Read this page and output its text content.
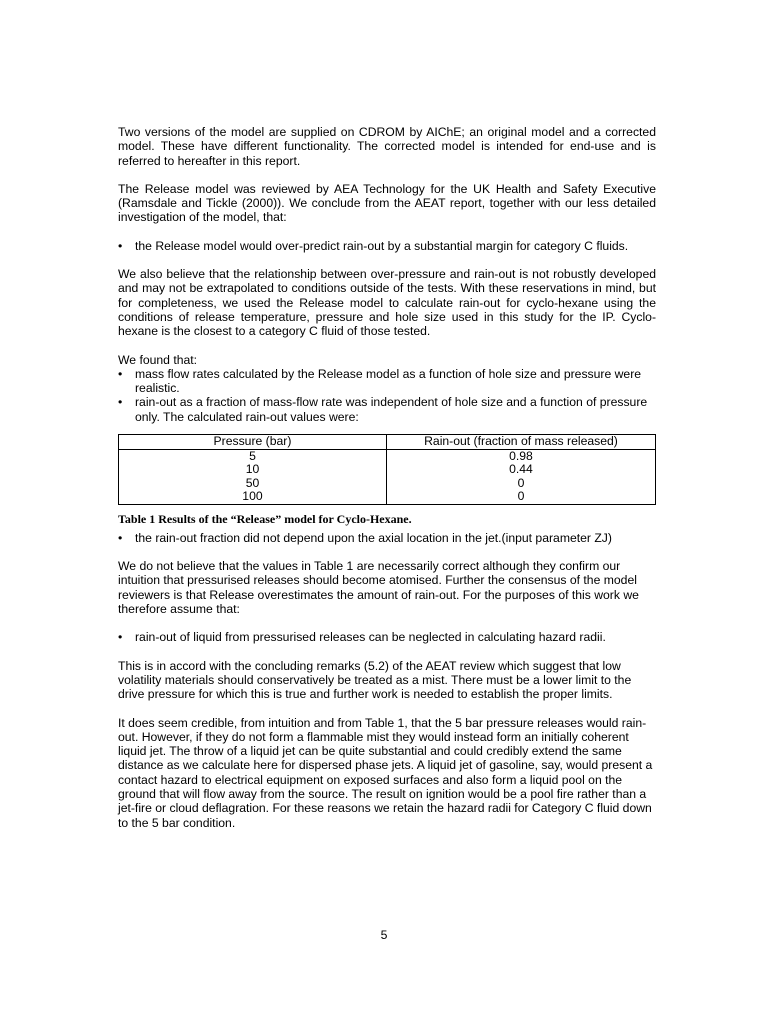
Two versions of the model are supplied on CDROM by AIChE; an original model and a corrected model. These have different functionality. The corrected model is intended for end-use and is referred to hereafter in this report.

The Release model was reviewed by AEA Technology for the UK Health and Safety Executive (Ramsdale and Tickle (2000)). We conclude from the AEAT report, together with our less detailed investigation of the model, that:

• the Release model would over-predict rain-out by a substantial margin for category C fluids.

We also believe that the relationship between over-pressure and rain-out is not robustly developed and may not be extrapolated to conditions outside of the tests. With these reservations in mind, but for completeness, we used the Release model to calculate rain-out for cyclo-hexane using the conditions of release temperature, pressure and hole size used in this study for the IP. Cyclo-hexane is the closest to a category C fluid of those tested.

We found that:

• mass flow rates calculated by the Release model as a function of hole size and pressure were realistic.
• rain-out as a fraction of mass-flow rate was independent of hole size and a function of pressure only. The calculated rain-out values were:
Pressure (bar)	Rain-out (fraction of mass released)
5	0.98
10	0.44
50	0
100	0
Table 1 Results of the “Release” model for Cyclo-Hexane.
• the rain-out fraction did not depend upon the axial location in the jet.(input parameter ZJ)

We do not believe that the values in Table 1 are necessarily correct although they confirm our intuition that pressurised releases should become atomised. Further the consensus of the model reviewers is that Release overestimates the amount of rain-out. For the purposes of this work we therefore assume that:

• rain-out of liquid from pressurised releases can be neglected in calculating hazard radii.

This is in accord with the concluding remarks (5.2) of the AEAT review which suggest that low volatility materials should conservatively be treated as a mist. There must be a lower limit to the drive pressure for which this is true and further work is needed to establish the proper limits.

It does seem credible, from intuition and from Table 1, that the 5 bar pressure releases would rain-out. However, if they do not form a flammable mist they would instead form an initially coherent liquid jet. The throw of a liquid jet can be quite substantial and could credibly extend the same distance as we calculate here for dispersed phase jets. A liquid jet of gasoline, say, would present a contact hazard to electrical equipment on exposed surfaces and also form a liquid pool on the ground that will flow away from the source. The result on ignition would be a pool fire rather than a jet-fire or cloud deflagration. For these reasons we retain the hazard radii for Category C fluid down to the 5 bar condition.

5
